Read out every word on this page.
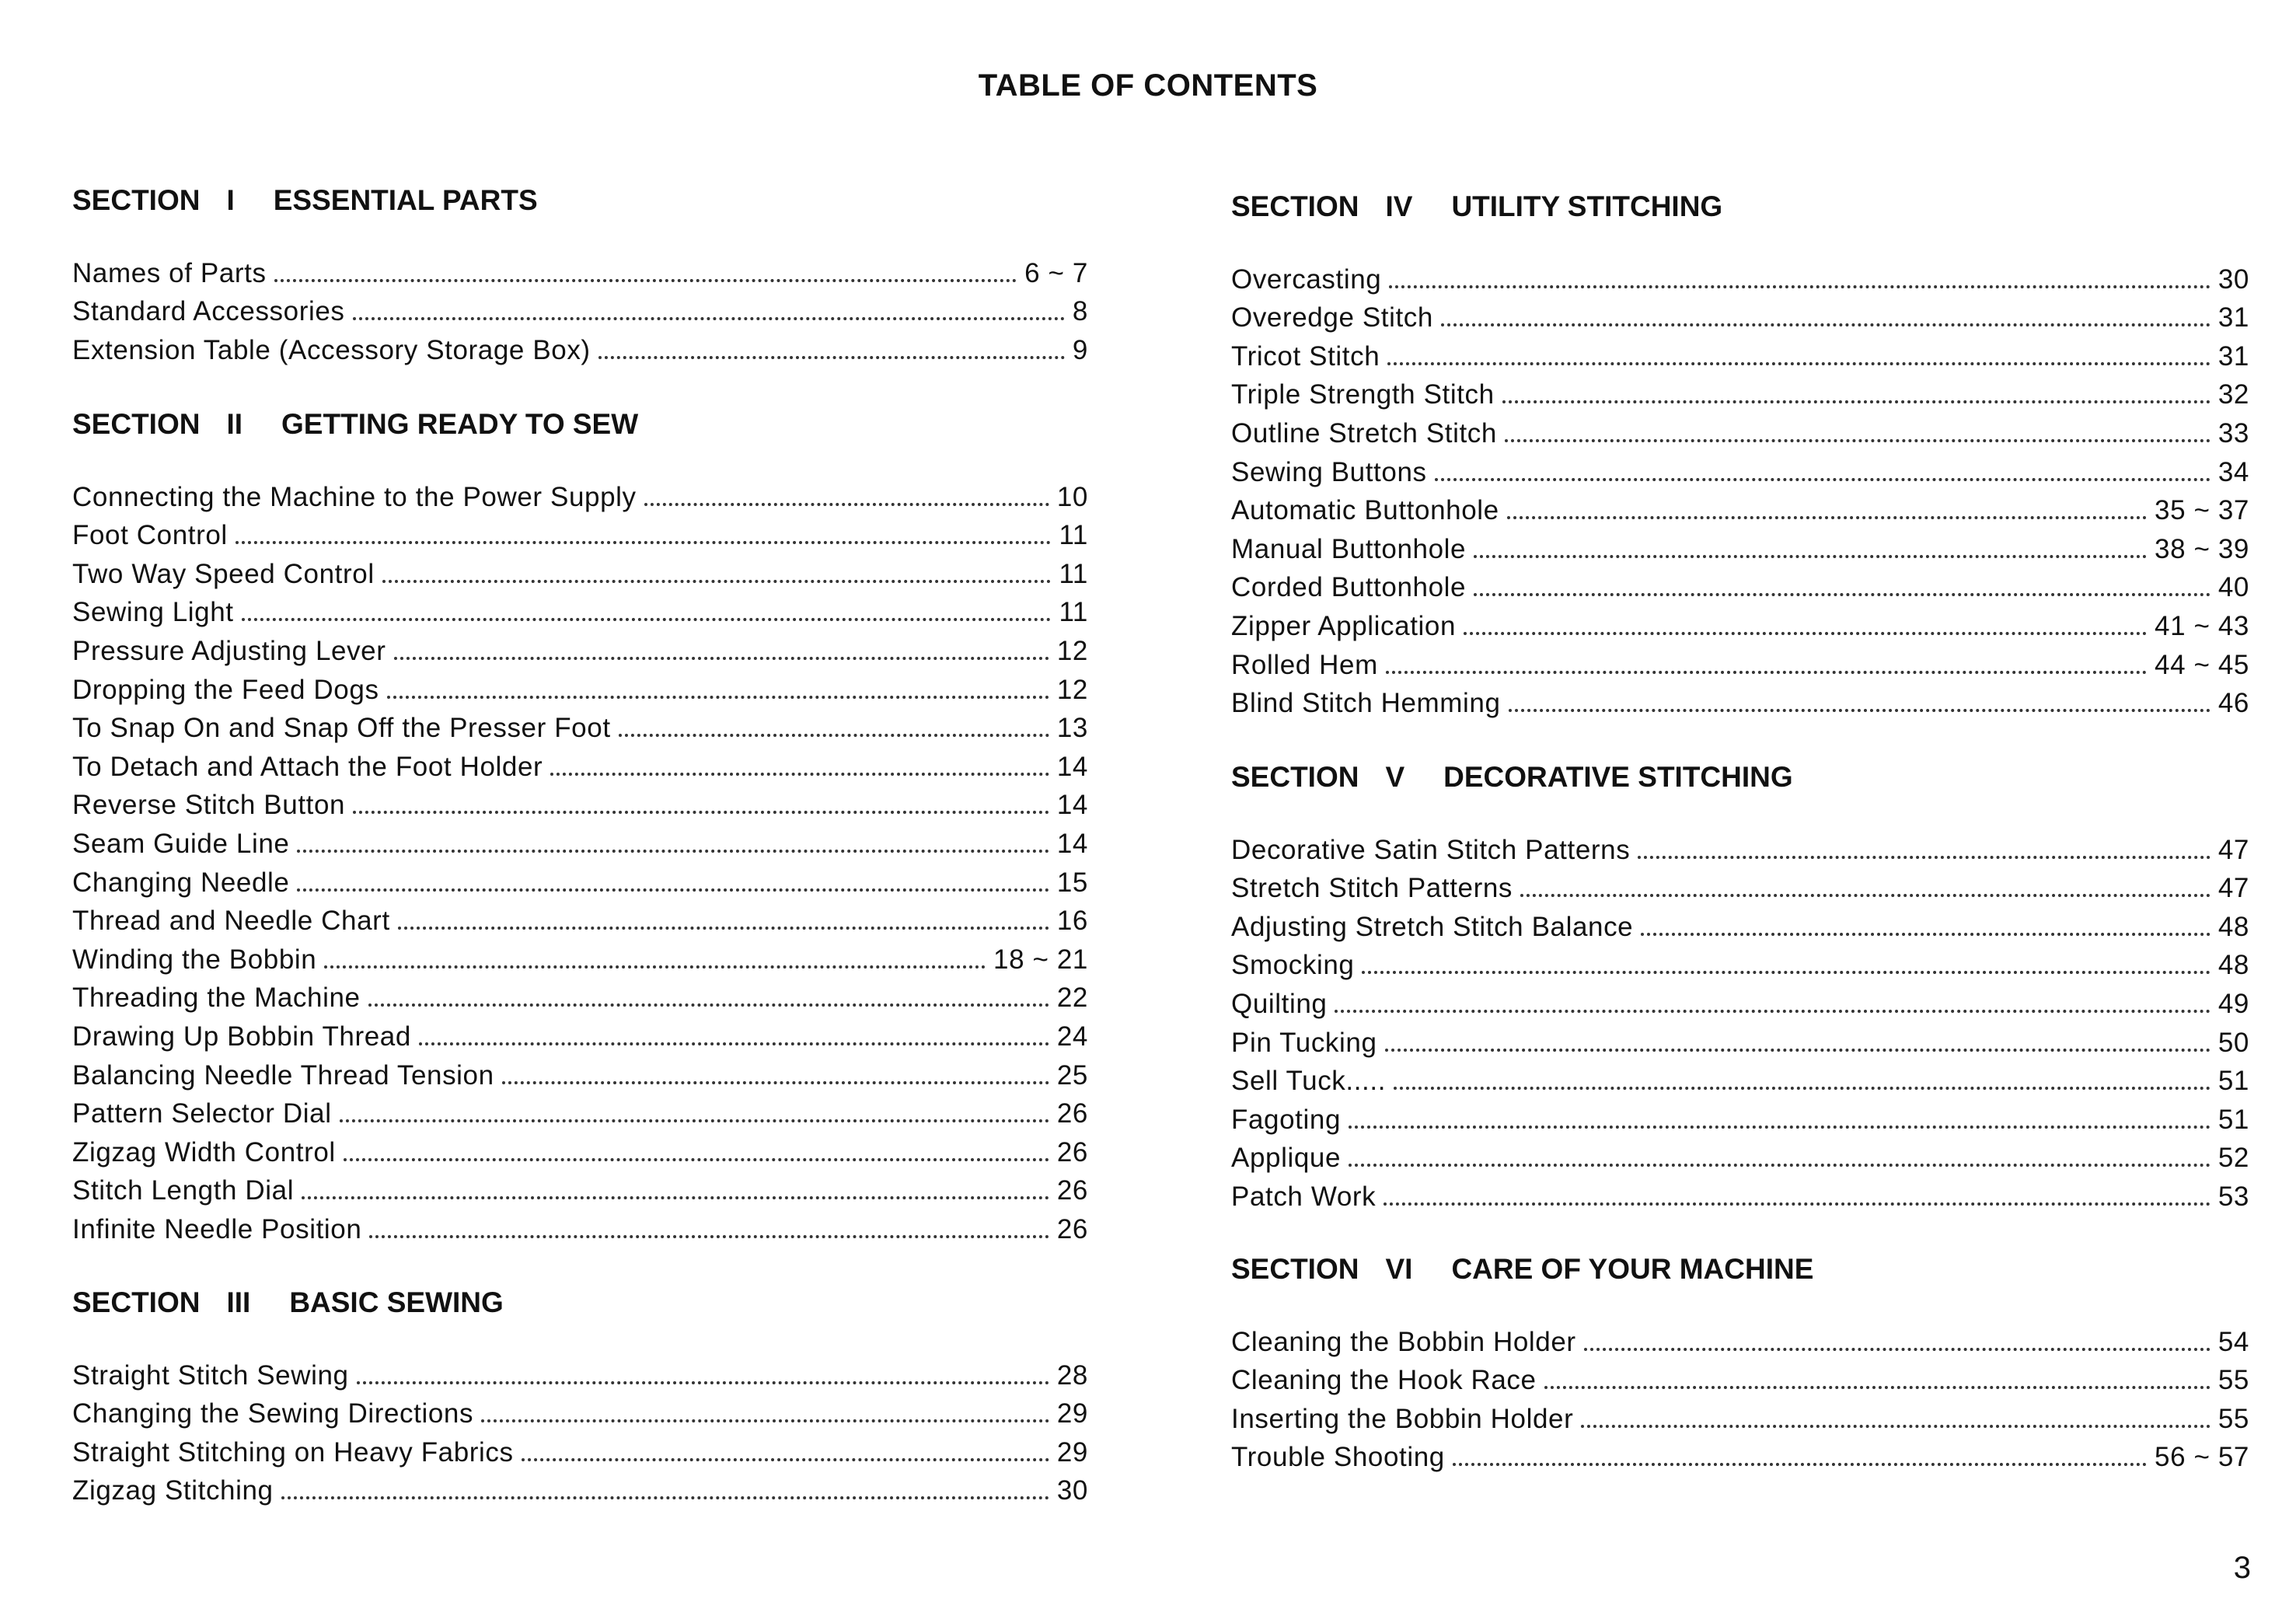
TABLE OF CONTENTS
SECTION I ESSENTIAL PARTS
Names of Parts	6 ~ 7
Standard Accessories	8
Extension Table (Accessory Storage Box)	9
SECTION II GETTING READY TO SEW
Connecting the Machine to the Power Supply	10
Foot Control	11
Two Way Speed Control	11
Sewing Light	11
Pressure Adjusting Lever	12
Dropping the Feed Dogs	12
To Snap On and Snap Off the Presser Foot	13
To Detach and Attach the Foot Holder	14
Reverse Stitch Button	14
Seam Guide Line	14
Changing Needle	15
Thread and Needle Chart	16
Winding the Bobbin	18 ~ 21
Threading the Machine	22
Drawing Up Bobbin Thread	24
Balancing Needle Thread Tension	25
Pattern Selector Dial	26
Zigzag Width Control	26
Stitch Length Dial	26
Infinite Needle Position	26
SECTION III BASIC SEWING
Straight Stitch Sewing	28
Changing the Sewing Directions	29
Straight Stitching on Heavy Fabrics	29
Zigzag Stitching	30
SECTION IV UTILITY STITCHING
Overcasting	30
Overedge Stitch	31
Tricot Stitch	31
Triple Strength Stitch	32
Outline Stretch Stitch	33
Sewing Buttons	34
Automatic Buttonhole	35 ~ 37
Manual Buttonhole	38 ~ 39
Corded Buttonhole	40
Zipper Application	41 ~ 43
Rolled Hem	44 ~ 45
Blind Stitch Hemming	46
SECTION V DECORATIVE STITCHING
Decorative Satin Stitch Patterns	47
Stretch Stitch Patterns	47
Adjusting Stretch Stitch Balance	48
Smocking	48
Quilting	49
Pin Tucking	50
Sell Tuck.....	51
Fagoting	51
Applique	52
Patch Work	53
SECTION VI CARE OF YOUR MACHINE
Cleaning the Bobbin Holder	54
Cleaning the Hook Race	55
Inserting the Bobbin Holder	55
Trouble Shooting	56 ~ 57
3
